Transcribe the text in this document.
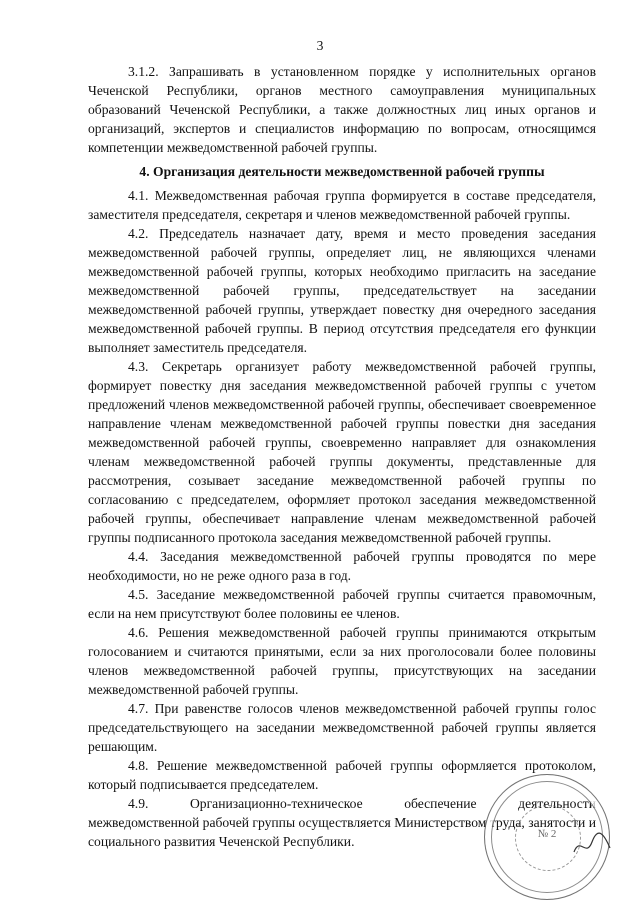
3

3.1.2. Запрашивать в установленном порядке у исполнительных органов Чеченской Республики, органов местного самоуправления муниципальных образований Чеченской Республики, а также должностных лиц иных органов и организаций, экспертов и специалистов информацию по вопросам, относящимся компетенции межведомственной рабочей группы.

4. Организация деятельности межведомственной рабочей группы

4.1. Межведомственная рабочая группа формируется в составе председателя, заместителя председателя, секретаря и членов межведомственной рабочей группы.

4.2. Председатель назначает дату, время и место проведения заседания межведомственной рабочей группы, определяет лиц, не являющихся членами межведомственной рабочей группы, которых необходимо пригласить на заседание межведомственной рабочей группы, председательствует на заседании межведомственной рабочей группы, утверждает повестку дня очередного заседания межведомственной рабочей группы. В период отсутствия председателя его функции выполняет заместитель председателя.

4.3. Секретарь организует работу межведомственной рабочей группы, формирует повестку дня заседания межведомственной рабочей группы с учетом предложений членов межведомственной рабочей группы, обеспечивает своевременное направление членам межведомственной рабочей группы повестки дня заседания межведомственной рабочей группы, своевременно направляет для ознакомления членам межведомственной рабочей группы документы, представленные для рассмотрения, созывает заседание межведомственной рабочей группы по согласованию с председателем, оформляет протокол заседания межведомственной рабочей группы, обеспечивает направление членам межведомственной рабочей группы подписанного протокола заседания межведомственной рабочей группы.

4.4. Заседания межведомственной рабочей группы проводятся по мере необходимости, но не реже одного раза в год.

4.5. Заседание межведомственной рабочей группы считается правомочным, если на нем присутствуют более половины ее членов.

4.6. Решения межведомственной рабочей группы принимаются открытым голосованием и считаются принятыми, если за них проголосовали более половины членов межведомственной рабочей группы, присутствующих на заседании межведомственной рабочей группы.

4.7. При равенстве голосов членов межведомственной рабочей группы голос председательствующего на заседании межведомственной рабочей группы является решающим.

4.8. Решение межведомственной рабочей группы оформляется протоколом, который подписывается председателем.

4.9. Организационно-техническое обеспечение деятельности межведомственной рабочей группы осуществляется Министерством труда, занятости и социального развития Чеченской Республики.	№ 2
